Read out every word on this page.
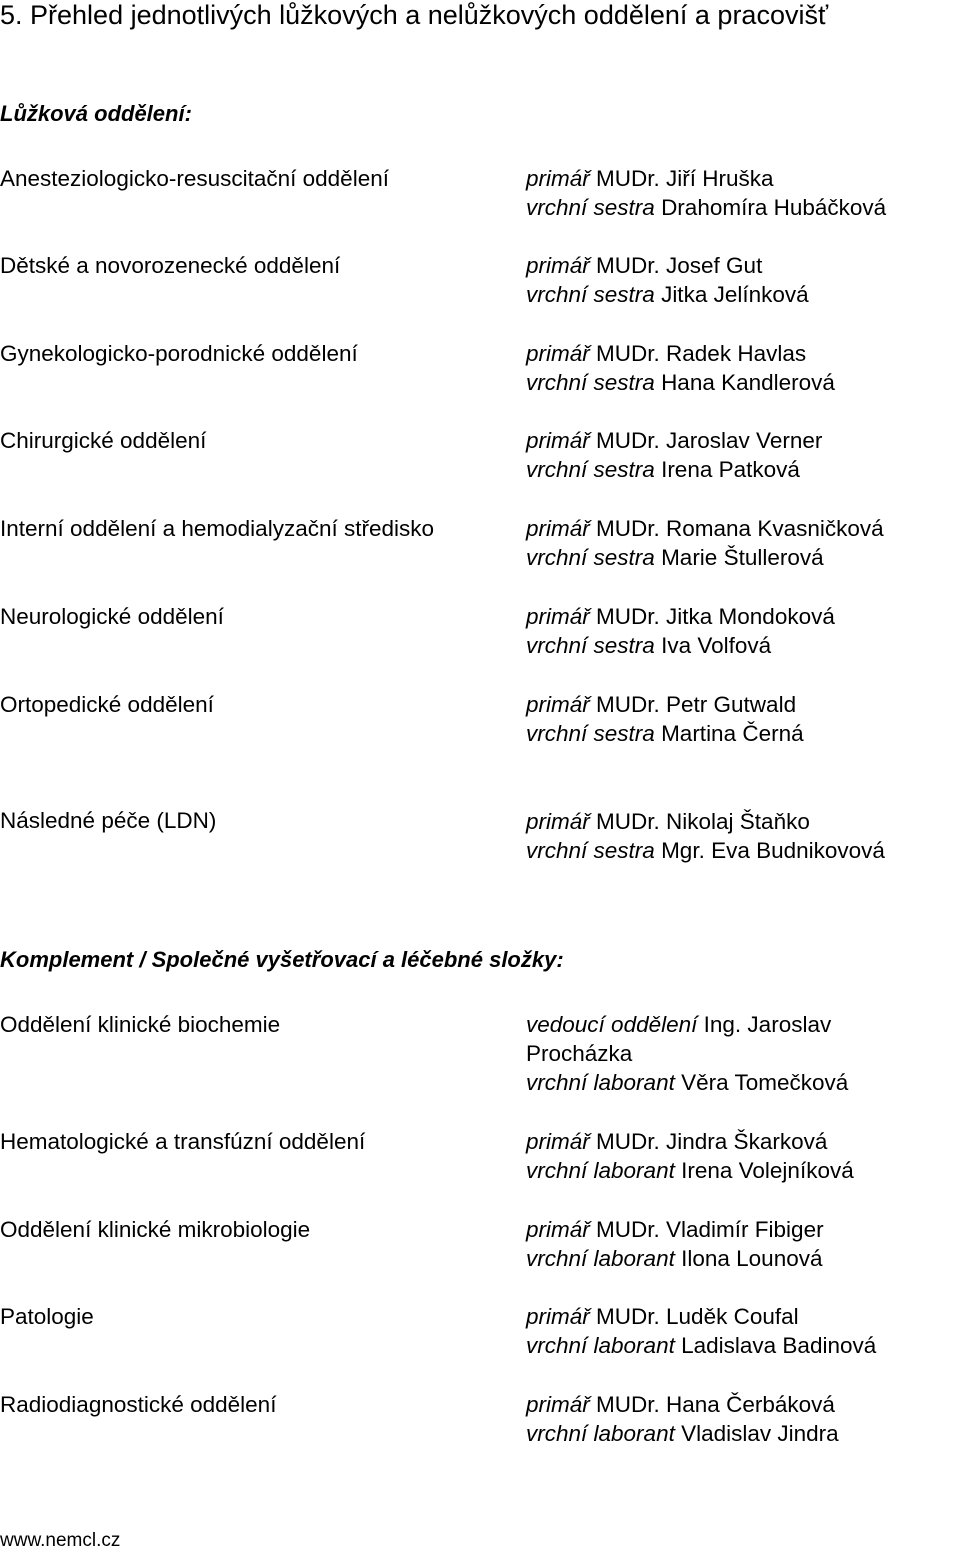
5. Přehled jednotlivých lůžkových a nelůžkových oddělení a pracovišť
Lůžková oddělení:
Anesteziologicko-resuscitační oddělení	primář MUDr. Jiří Hruška
vrchní sestra Drahomíra Hubáčková
Dětské a novorozenecké oddělení	primář MUDr. Josef Gut
vrchní sestra Jitka Jelínková
Gynekologicko-porodnické oddělení	primář MUDr. Radek Havlas
vrchní sestra Hana Kandlerová
Chirurgické oddělení	primář MUDr. Jaroslav Verner
vrchní sestra Irena Patková
Interní oddělení a hemodialyzační středisko	primář MUDr. Romana Kvasničková
vrchní sestra Marie Štullerová
Neurologické oddělení	primář MUDr. Jitka Mondoková
vrchní sestra Iva Volfová
Ortopedické oddělení	primář MUDr. Petr Gutwald
vrchní sestra Martina Černá
Následné péče (LDN)	primář MUDr. Nikolaj Štaňko
vrchní sestra Mgr. Eva Budnikovová
Komplement / Společné vyšetřovací a léčebné složky:
Oddělení klinické biochemie	vedoucí oddělení Ing. Jaroslav Procházka
vrchní laborant Věra Tomečková
Hematologické a transfúzní oddělení	primář MUDr. Jindra Škarková
vrchní laborant Irena Volejníková
Oddělení klinické mikrobiologie	primář MUDr. Vladimír Fibiger
vrchní laborant Ilona Lounová
Patologie	primář MUDr. Luděk Coufal
vrchní laborant Ladislava Badinová
Radiodiagnostické oddělení	primář MUDr. Hana Čerbáková
vrchní laborant Vladislav Jindra
www.nemcl.cz
